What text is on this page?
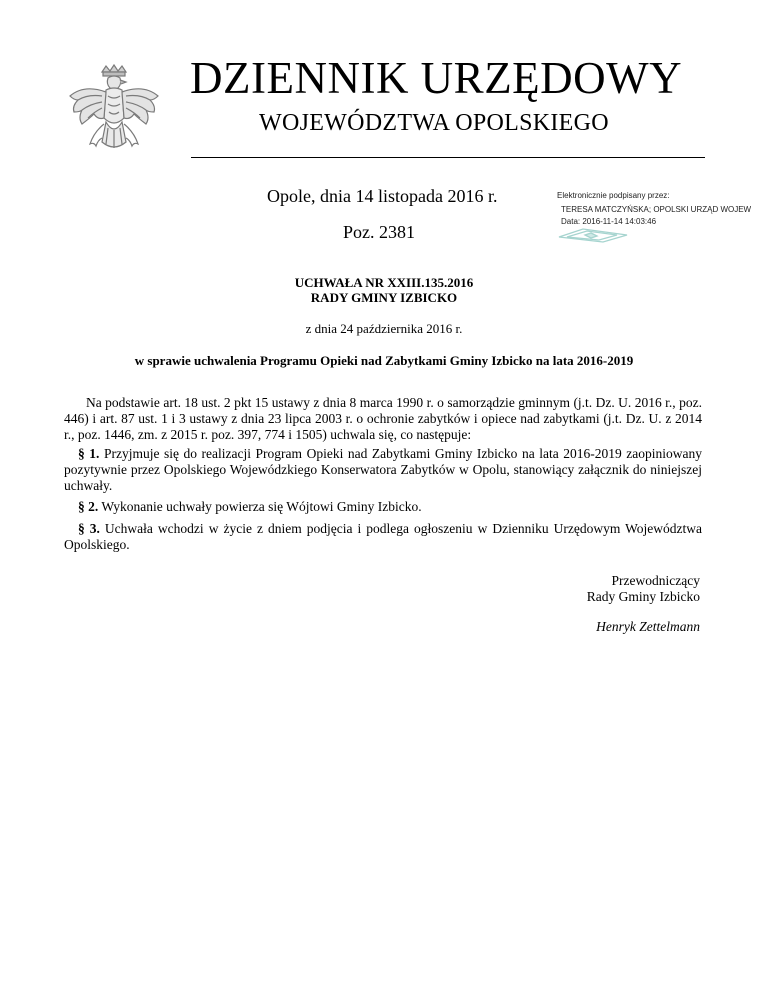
DZIENNIK URZĘDOWY
WOJEWÓDZTWA OPOLSKIEGO
Opole, dnia 14 listopada 2016 r.
Poz. 2381
Elektronicznie podpisany przez:
TERESA MATCZYŃSKA; OPOLSKI URZĄD WOJEW
Data: 2016-11-14 14:03:46
UCHWAŁA NR XXIII.135.2016
RADY GMINY IZBICKO
z dnia 24 października 2016 r.
w sprawie uchwalenia Programu Opieki nad Zabytkami Gminy Izbicko na lata 2016-2019
Na podstawie art. 18 ust. 2 pkt 15 ustawy z dnia 8 marca 1990 r. o samorządzie gminnym (j.t. Dz. U. 2016 r., poz. 446) i art. 87 ust. 1 i 3 ustawy z dnia 23 lipca 2003 r. o ochronie zabytków i opiece nad zabytkami (j.t. Dz. U. z 2014 r., poz. 1446, zm. z 2015 r. poz. 397, 774 i 1505) uchwala się, co następuje:
§ 1. Przyjmuje się do realizacji Program Opieki nad Zabytkami Gminy Izbicko na lata 2016-2019 zaopiniowany pozytywnie przez Opolskiego Wojewódzkiego Konserwatora Zabytków w Opolu, stanowiący załącznik do niniejszej uchwały.
§ 2. Wykonanie uchwały powierza się Wójtowi Gminy Izbicko.
§ 3. Uchwała wchodzi w życie z dniem podjęcia i podlega ogłoszeniu w Dzienniku Urzędowym Województwa Opolskiego.
Przewodniczący
Rady Gminy Izbicko
Henryk Zettelmann
